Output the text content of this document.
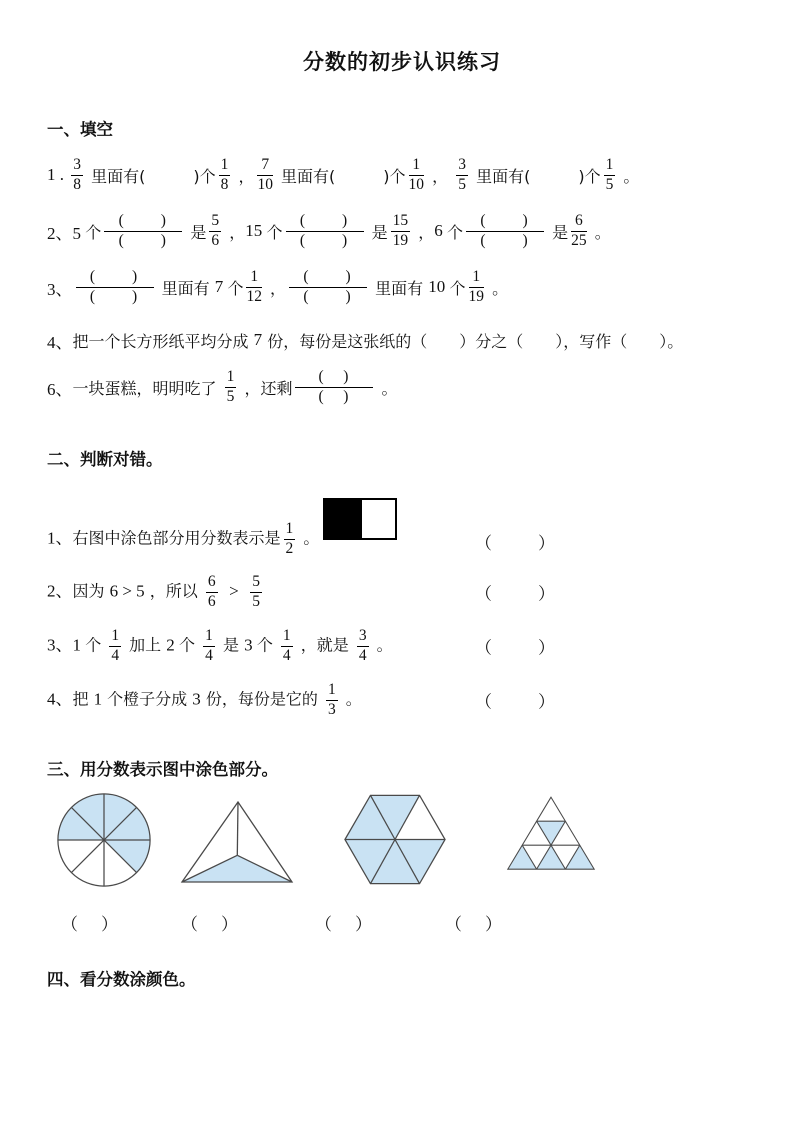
分数的初步认识练习
一、填空
1 . $\frac{3}{8}$ 里面有(　　　)个 $\frac{1}{8}$ ， $\frac{7}{10}$ 里面有(　　　)个 $\frac{1}{10}$ ， $\frac{3}{5}$ 里面有(　　　)个 $\frac{1}{5}$ 。
2、5 个
(　　)
(　　)	是 $\frac{5}{6}$ ， 15 个
(　　)
(　　)	是 $\frac{15}{19}$ ， 6 个
(　　)
(　　)	是 $\frac{6}{25}$ 。
3、
(　　)
(　　)	里面有 7 个 $\frac{1}{12}$ ，
(　　)
(　　)	里面有 10 个 $\frac{1}{19}$ 。
4、 把一个长方形纸平均分成 7 份，每份是这张纸的（　　）分之（　　），写作（　　）。
6、 一块蛋糕，明明吃了 $\frac{1}{5}$ ，还剩
(　)
(　)	。
二、判断对错。
1、右图中涂色部分用分数表示是 $\frac{1}{2}$ 。	（　　）
2、因为 6 > 5 ，所以 $\frac{6}{6} > \frac{5}{5}$	（　　）
3、1 个 $\frac{1}{4}$ 加上 2 个 $\frac{1}{4}$ 是 3 个 $\frac{1}{4}$ ，就是 $\frac{3}{4}$ 。	（　　）
4、把 1 个橙子分成 3 份，每份是它的 $\frac{1}{3}$ 。	（　　）
三、用分数表示图中涂色部分。
（　）	（　）	（　）	（　）
四、看分数涂颜色。
